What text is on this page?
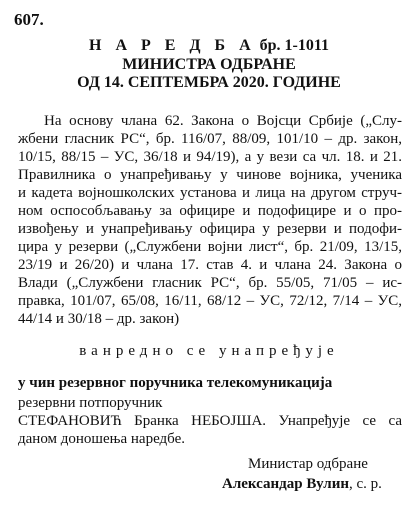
607.
Н А Р Е Д Б А бр. 1-1011
МИНИСТРА ОДБРАНЕ
ОД 14. СЕПТЕМБРА 2020. ГОДИНЕ
На основу члана 62. Закона о Војсци Србије („Слу-
жбени гласник РС“, бр. 116/07, 88/09, 101/10 – др. закон,
10/15, 88/15 – УС, 36/18 и 94/19), а у вези са чл. 18. и 21.
Правилника о унапређивању у чинове војника, ученика
и кадета војношколских установа и лица на другом струч-
ном оспособљавању за официре и подофицире и о про-
извођењу и унапређивању официра у резерви и подофи-
цира у резерви („Службени војни лист“, бр. 21/09, 13/15,
23/19 и 26/20) и члана 17. став 4. и члана 24. Закона о
Влади („Службени гласник РС“, бр. 55/05, 71/05 – ис-
правка, 101/07, 65/08, 16/11, 68/12 – УС, 72/12, 7/14 – УС,
44/14 и 30/18 – др. закон)
ванредно се унапређује
у чин резервног поручника телекомуникација
резервни потпоручник
СТЕФАНОВИЋ Бранка НЕБОЈША. Унапређује се са
даном доношења наредбе.
Министар одбране
Александар Вулин, с. р.
